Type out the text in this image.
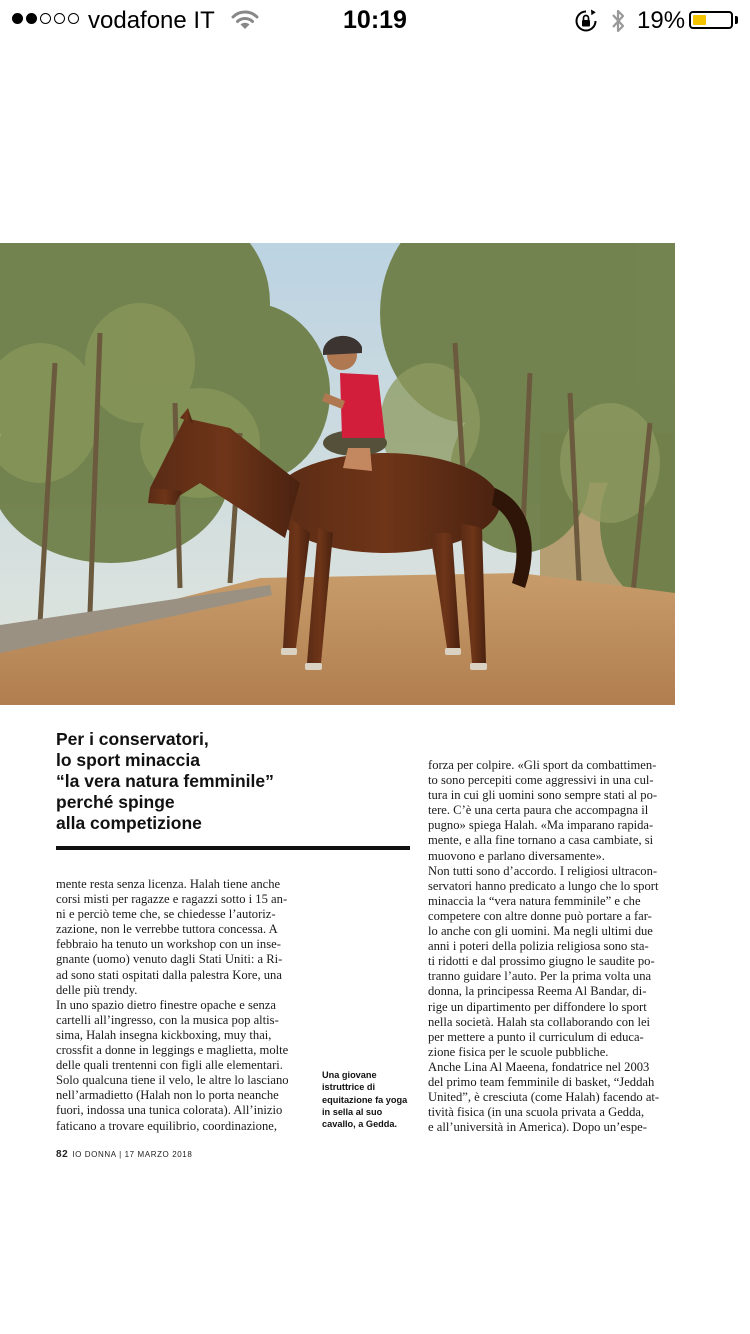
vodafone IT	10:19	19%
Per i conservatori,
lo sport minaccia
“la vera natura femminile”
perché spinge
alla competizione

mente resta senza licenza. Halah tiene anche

corsi misti per ragazze e ragazzi sotto i 15 an-

ni e perciò teme che, se chiedesse l’autoriz-

zazione, non le verrebbe tuttora concessa. A

febbraio ha tenuto un workshop con un inse-

gnante (uomo) venuto dagli Stati Uniti: a Ri-

ad sono stati ospitati dalla palestra Kore, una

delle più trendy.

In uno spazio dietro finestre opache e senza

cartelli all’ingresso, con la musica pop altis-

sima, Halah insegna kickboxing, muy thai,

crossfit a donne in leggings e maglietta, molte

delle quali trentenni con figli alle elementari.

Solo qualcuna tiene il velo, le altre lo lasciano

nell’armadietto (Halah non lo porta neanche

fuori, indossa una tunica colorata). All’inizio

faticano a trovare equilibrio, coordinazione,

Una giovane
istruttrice di
equitazione fa yoga
in sella al suo
cavallo, a Gedda.

forza per colpire. «Gli sport da combattimen-

to sono percepiti come aggressivi in una cul-

tura in cui gli uomini sono sempre stati al po-

tere. C’è una certa paura che accompagna il

pugno» spiega Halah. «Ma imparano rapida-

mente, e alla fine tornano a casa cambiate, si

muovono e parlano diversamente».

Non tutti sono d’accordo. I religiosi ultracon-

servatori hanno predicato a lungo che lo sport

minaccia la “vera natura femminile” e che

competere con altre donne può portare a far-

lo anche con gli uomini. Ma negli ultimi due

anni i poteri della polizia religiosa sono sta-

ti ridotti e dal prossimo giugno le saudite po-

tranno guidare l’auto. Per la prima volta una

donna, la principessa Reema Al Bandar, di-

rige un dipartimento per diffondere lo sport

nella società. Halah sta collaborando con lei

per mettere a punto il curriculum di educa-

zione fisica per le scuole pubbliche.

Anche Lina Al Maeena, fondatrice nel 2003

del primo team femminile di basket, “Jeddah

United”, è cresciuta (come Halah) facendo at-

tività fisica (in una scuola privata a Gedda,

e all’università in America). Dopo un’espe-

82 IO DONNA | 17 MARZO 2018
